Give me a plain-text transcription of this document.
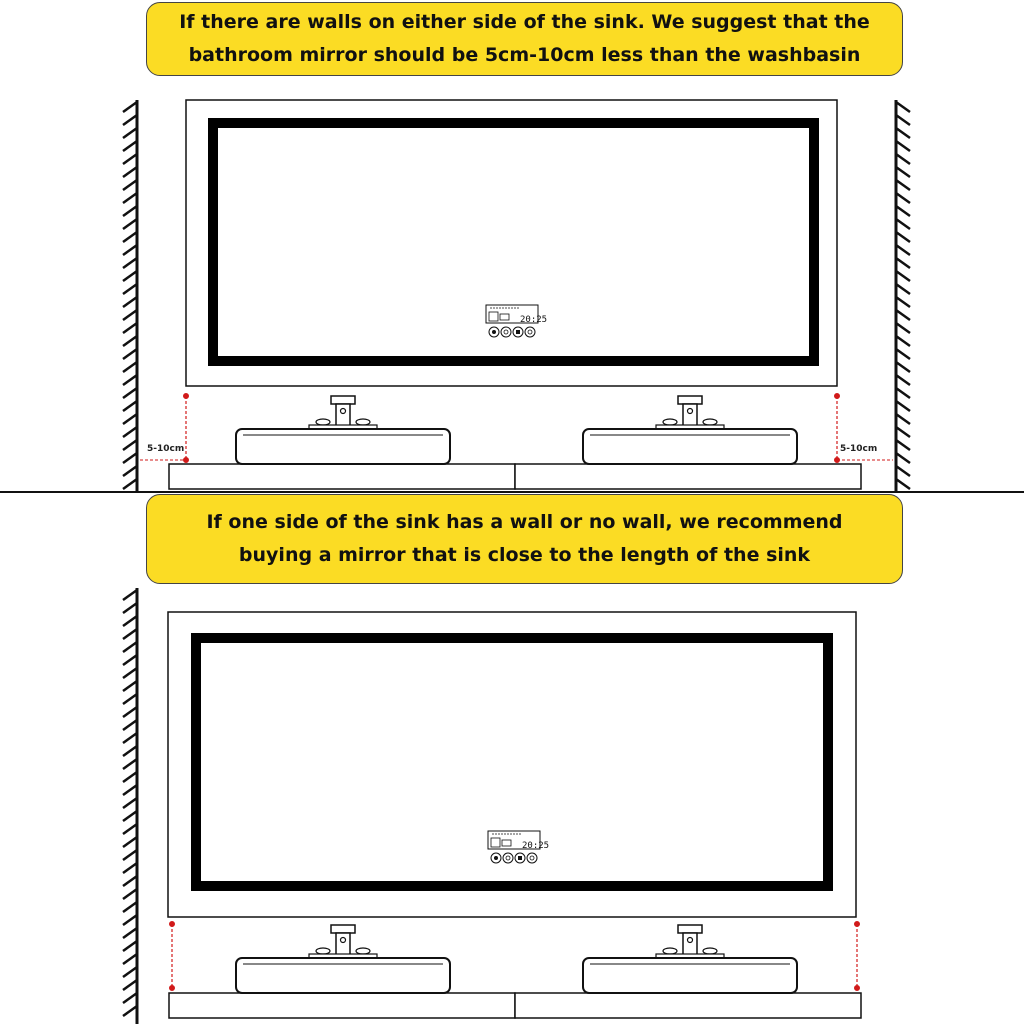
If there are walls on either side of the sink. We suggest that the
bathroom mirror should be 5cm-10cm less than the washbasin
If one side of the sink has a wall or no wall, we recommend
buying a mirror that is close to the length of the sink
20:25
5-10cm	5-10cm
20:25
